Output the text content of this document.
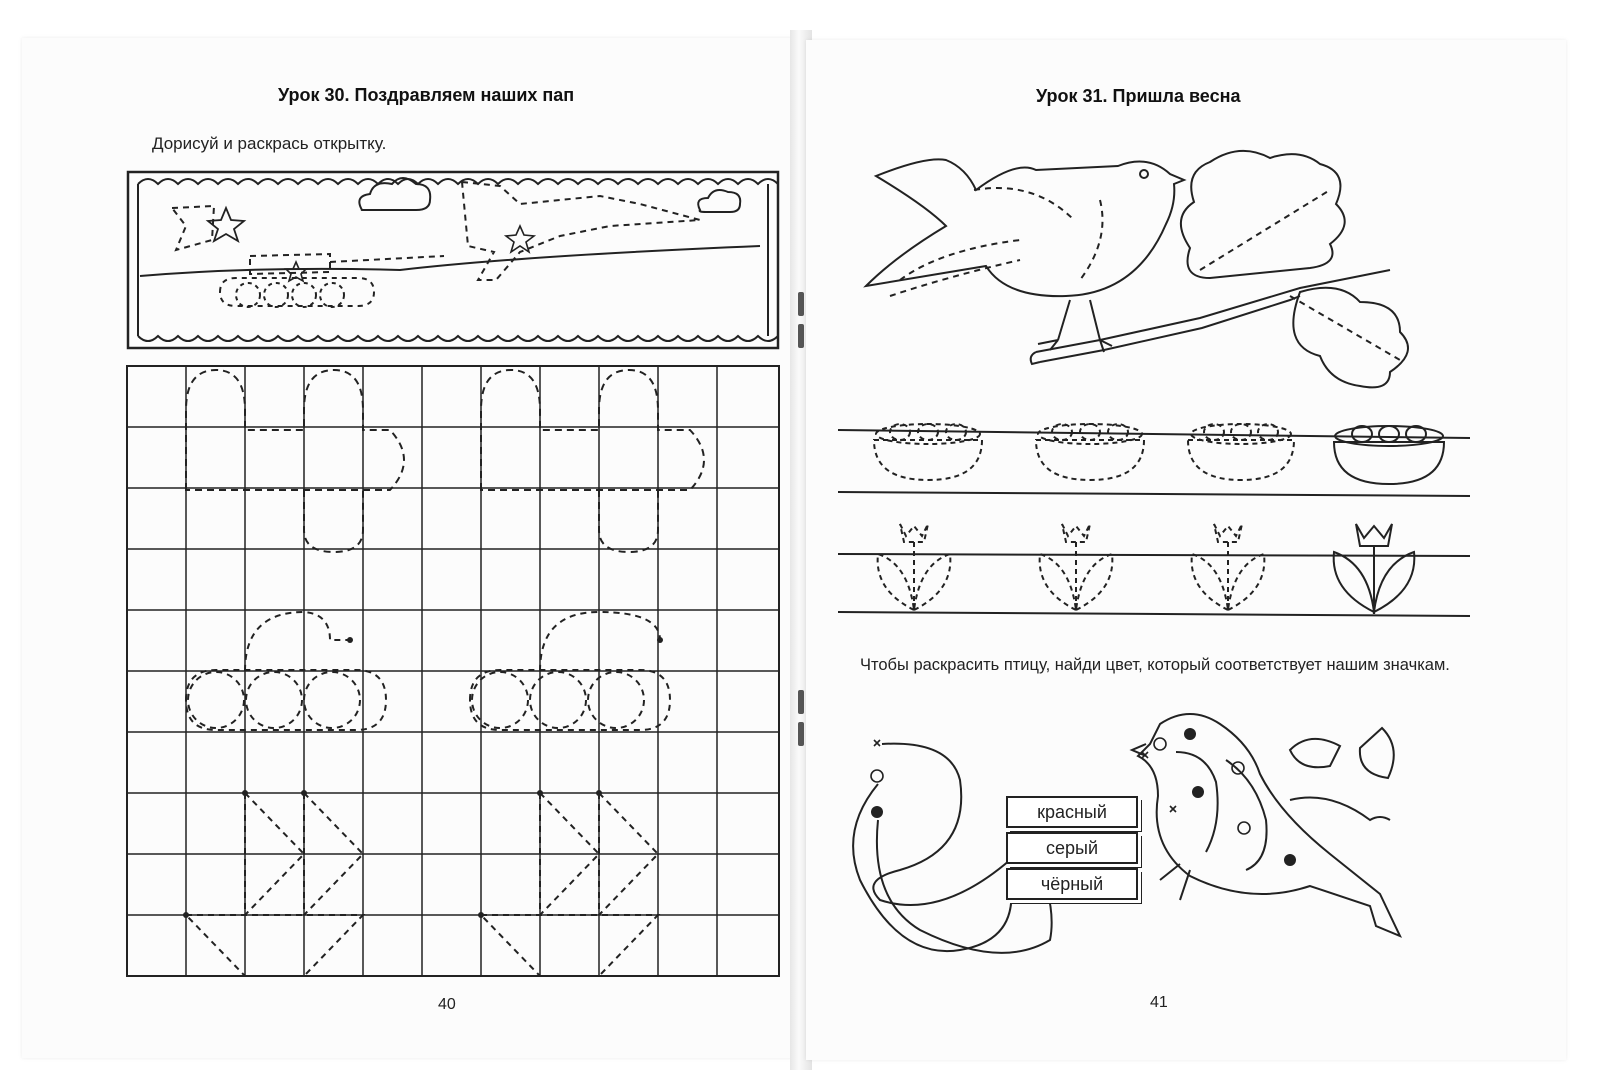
Урок 30. Поздравляем наших пап
Дорисуй и раскрась открытку.
40
Урок 31. Пришла весна
Чтобы раскрасить птицу, найди цвет, который соответствует нашим значкам.
41
красный
серый
чёрный
